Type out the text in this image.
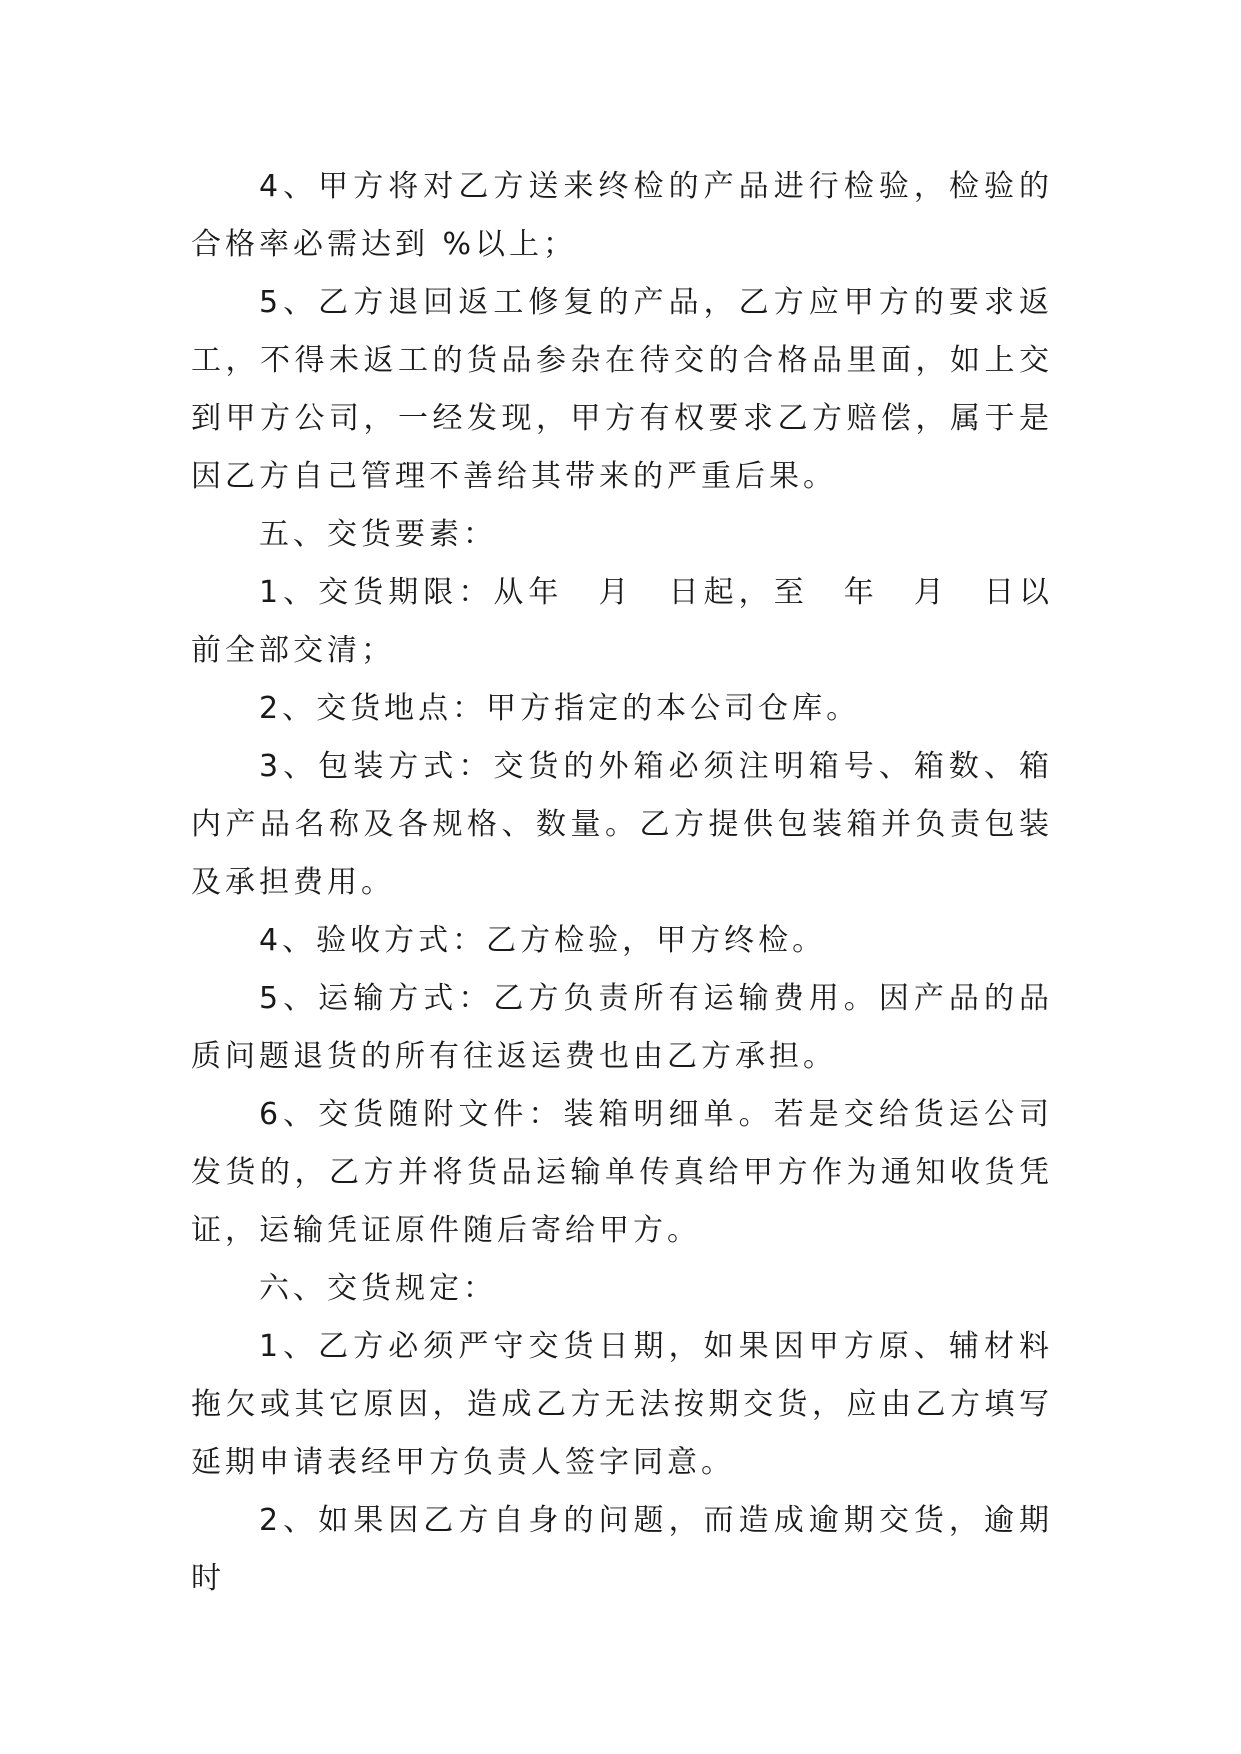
4、甲方将对乙方送来终检的产品进行检验，检验的合格率必需达到 %以上；

5、乙方退回返工修复的产品，乙方应甲方的要求返工，不得未返工的货品参杂在待交的合格品里面，如上交到甲方公司，一经发现，甲方有权要求乙方赔偿，属于是因乙方自己管理不善给其带来的严重后果。

五、交货要素：

1、交货期限：从年　月　日起，至　年　月　日以前全部交清；

2、交货地点：甲方指定的本公司仓库。

3、包装方式：交货的外箱必须注明箱号、箱数、箱内产品名称及各规格、数量。乙方提供包装箱并负责包装及承担费用。

4、验收方式：乙方检验，甲方终检。

5、运输方式：乙方负责所有运输费用。因产品的品质问题退货的所有往返运费也由乙方承担。

6、交货随附文件：装箱明细单。若是交给货运公司发货的，乙方并将货品运输单传真给甲方作为通知收货凭证，运输凭证原件随后寄给甲方。

六、交货规定：

1、乙方必须严守交货日期，如果因甲方原、辅材料拖欠或其它原因，造成乙方无法按期交货，应由乙方填写延期申请表经甲方负责人签字同意。

2、如果因乙方自身的问题，而造成逾期交货，逾期时
